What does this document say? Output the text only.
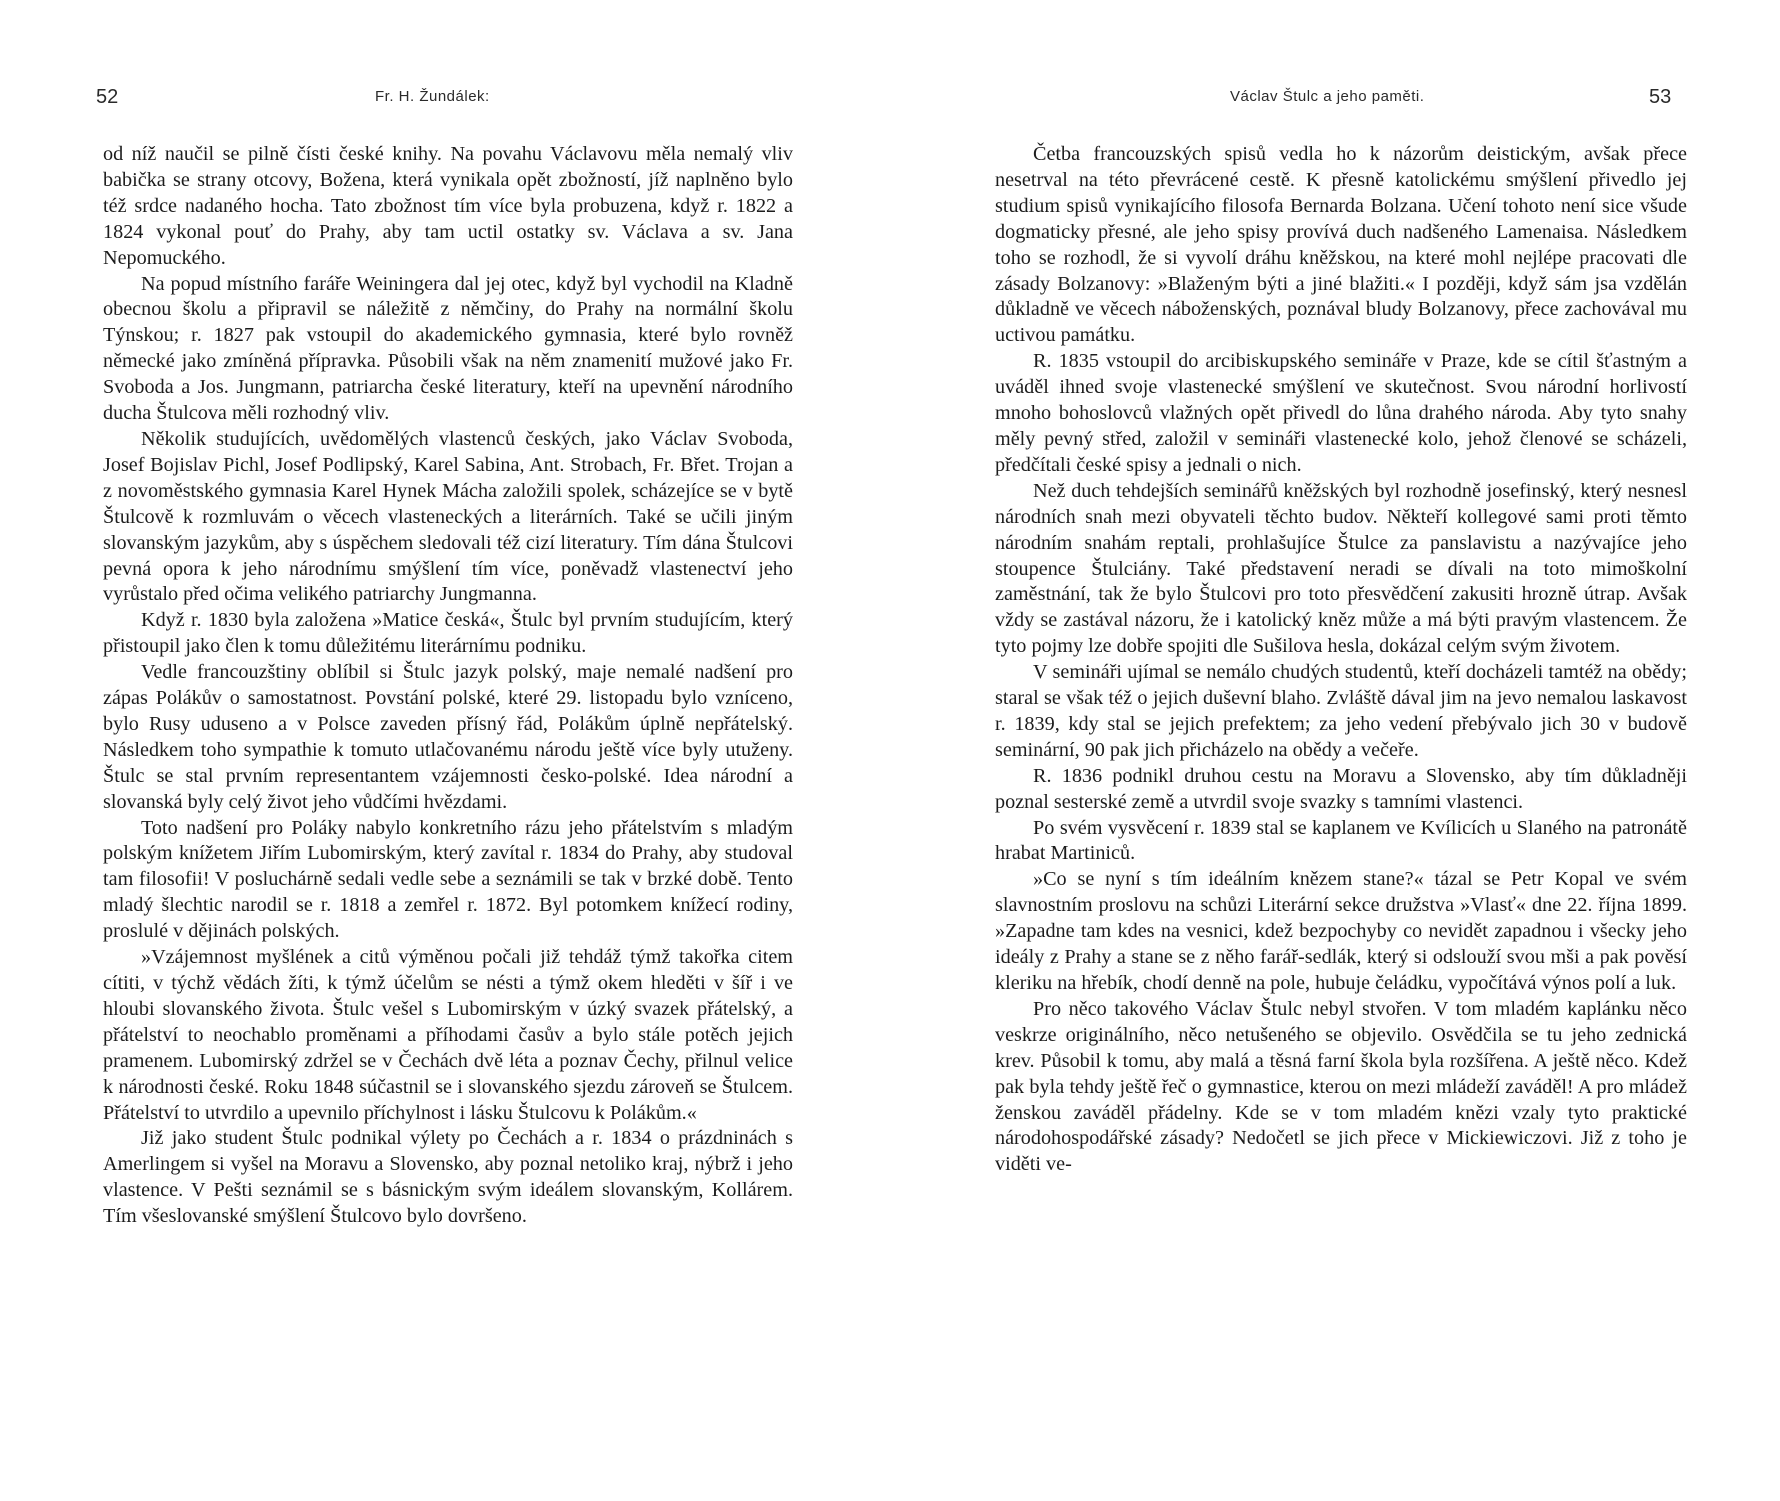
52	Fr. H. Žundálek:

od níž naučil se pilně čísti české knihy. Na povahu Václavovu měla nemalý vliv babička se strany otcovy, Božena, která vynikala opět zbožností, jíž naplněno bylo též srdce nadaného hocha. Tato zbožnost tím více byla probuzena, když r. 1822 a 1824 vykonal pouť do Prahy, aby tam uctil ostatky sv. Václava a sv. Jana Nepomuckého.

Na popud místního faráře Weiningera dal jej otec, když byl vychodil na Kladně obecnou školu a připravil se náležitě z němčiny, do Prahy na normální školu Týnskou; r. 1827 pak vstoupil do akademického gymnasia, které bylo rovněž německé jako zmíněná přípravka. Působili však na něm znamenití mužové jako Fr. Svoboda a Jos. Jungmann, patriarcha české literatury, kteří na upevnění národního ducha Štulcova měli rozhodný vliv.

Několik studujících, uvědomělých vlastenců českých, jako Václav Svoboda, Josef Bojislav Pichl, Josef Podlipský, Karel Sabina, Ant. Strobach, Fr. Břet. Trojan a z novoměstského gymnasia Karel Hynek Mácha založili spolek, scházejíce se v bytě Štulcově k rozmluvám o věcech vlasteneckých a literárních. Také se učili jiným slovanským jazykům, aby s úspěchem sledovali též cizí literatury. Tím dána Štulcovi pevná opora k jeho národnímu smýšlení tím více, poněvadž vlastenectví jeho vyrůstalo před očima velikého patriarchy Jungmanna.

Když r. 1830 byla založena »Matice česká«, Štulc byl prvním studujícím, který přistoupil jako člen k tomu důležitému literárnímu podniku.

Vedle francouzštiny oblíbil si Štulc jazyk polský, maje nemalé nadšení pro zápas Polákův o samostatnost. Povstání polské, které 29. listopadu bylo vzníceno, bylo Rusy uduseno a v Polsce zaveden přísný řád, Polákům úplně nepřátelský. Následkem toho sympathie k tomuto utlačovanému národu ještě více byly utuženy. Štulc se stal prvním representantem vzájemnosti česko-polské. Idea národní a slovanská byly celý život jeho vůdčími hvězdami.

Toto nadšení pro Poláky nabylo konkretního rázu jeho přátelstvím s mladým polským knížetem Jiřím Lubomirským, který zavítal r. 1834 do Prahy, aby studoval tam filosofii! V posluchárně sedali vedle sebe a seznámili se tak v brzké době. Tento mladý šlechtic narodil se r. 1818 a zemřel r. 1872. Byl potomkem knížecí rodiny, proslulé v dějinách polských.

»Vzájemnost myšlének a citů výměnou počali již tehdáž týmž takořka citem cítiti, v týchž vědách žíti, k týmž účelům se nésti a týmž okem hleděti v šíř i ve hloubi slovanského života. Štulc vešel s Lubomirským v úzký svazek přátelský, a přátelství to neochablo proměnami a příhodami časův a bylo stále potěch jejich pramenem. Lubomirský zdržel se v Čechách dvě léta a poznav Čechy, přilnul velice k národnosti české. Roku 1848 súčastnil se i slovanského sjezdu zároveň se Štulcem. Přátelství to utvrdilo a upevnilo příchylnost i lásku Štulcovu k Polákům.«

Již jako student Štulc podnikal výlety po Čechách a r. 1834 o prázdninách s Amerlingem si vyšel na Moravu a Slovensko, aby poznal netoliko kraj, nýbrž i jeho vlastence. V Pešti seznámil se s básnickým svým ideálem slovanským, Kollárem. Tím všeslovanské smýšlení Štulcovo bylo dovršeno.

Václav Štulc a jeho paměti.	53

Četba francouzských spisů vedla ho k názorům deistickým, avšak přece nesetrval na této převrácené cestě. K přesně katolickému smýšlení přivedlo jej studium spisů vynikajícího filosofa Bernarda Bolzana. Učení tohoto není sice všude dogmaticky přesné, ale jeho spisy provívá duch nadšeného Lamenaisa. Následkem toho se rozhodl, že si vyvolí dráhu kněžskou, na které mohl nejlépe pracovati dle zásady Bolzanovy: »Blaženým býti a jiné blažiti.« I později, když sám jsa vzdělán důkladně ve věcech náboženských, poznával bludy Bolzanovy, přece zachovával mu uctivou památku.

R. 1835 vstoupil do arcibiskupského semináře v Praze, kde se cítil šťastným a uváděl ihned svoje vlastenecké smýšlení ve skutečnost. Svou národní horlivostí mnoho bohoslovců vlažných opět přivedl do lůna drahého národa. Aby tyto snahy měly pevný střed, založil v semináři vlastenecké kolo, jehož členové se scházeli, předčítali české spisy a jednali o nich.

Než duch tehdejších seminářů kněžských byl rozhodně josefinský, který nesnesl národních snah mezi obyvateli těchto budov. Někteří kollegové sami proti těmto národním snahám reptali, prohlašujíce Štulce za panslavistu a nazývajíce jeho stoupence Štulciány. Také představení neradi se dívali na toto mimoškolní zaměstnání, tak že bylo Štulcovi pro toto přesvědčení zakusiti hrozně útrap. Avšak vždy se zastával názoru, že i katolický kněz může a má býti pravým vlastencem. Že tyto pojmy lze dobře spojiti dle Sušilova hesla, dokázal celým svým životem.

V semináři ujímal se nemálo chudých studentů, kteří docházeli tamtéž na obědy; staral se však též o jejich duševní blaho. Zvláště dával jim na jevo nemalou laskavost r. 1839, kdy stal se jejich prefektem; za jeho vedení přebývalo jich 30 v budově seminární, 90 pak jich přicházelo na obědy a večeře.

R. 1836 podnikl druhou cestu na Moravu a Slovensko, aby tím důkladněji poznal sesterské země a utvrdil svoje svazky s tamními vlastenci.

Po svém vysvěcení r. 1839 stal se kaplanem ve Kvílicích u Slaného na patronátě hrabat Martiniců.

»Co se nyní s tím ideálním knězem stane?« tázal se Petr Kopal ve svém slavnostním proslovu na schůzi Literární sekce družstva »Vlasť« dne 22. října 1899. »Zapadne tam kdes na vesnici, kdež bezpochyby co nevidět zapadnou i všecky jeho ideály z Prahy a stane se z něho farář-sedlák, který si odslouží svou mši a pak pověsí kleriku na hřebík, chodí denně na pole, hubuje čeládku, vypočítává výnos polí a luk.

Pro něco takového Václav Štulc nebyl stvořen. V tom mladém kaplánku něco veskrze originálního, něco netušeného se objevilo. Osvědčila se tu jeho zednická krev. Působil k tomu, aby malá a těsná farní škola byla rozšířena. A ještě něco. Kdež pak byla tehdy ještě řeč o gymnastice, kterou on mezi mládeží zaváděl! A pro mládež ženskou zaváděl přádelny. Kde se v tom mladém knězi vzaly tyto praktické národohospodářské zásady? Nedočetl se jich přece v Mickiewiczovi. Již z toho je viděti ve-
